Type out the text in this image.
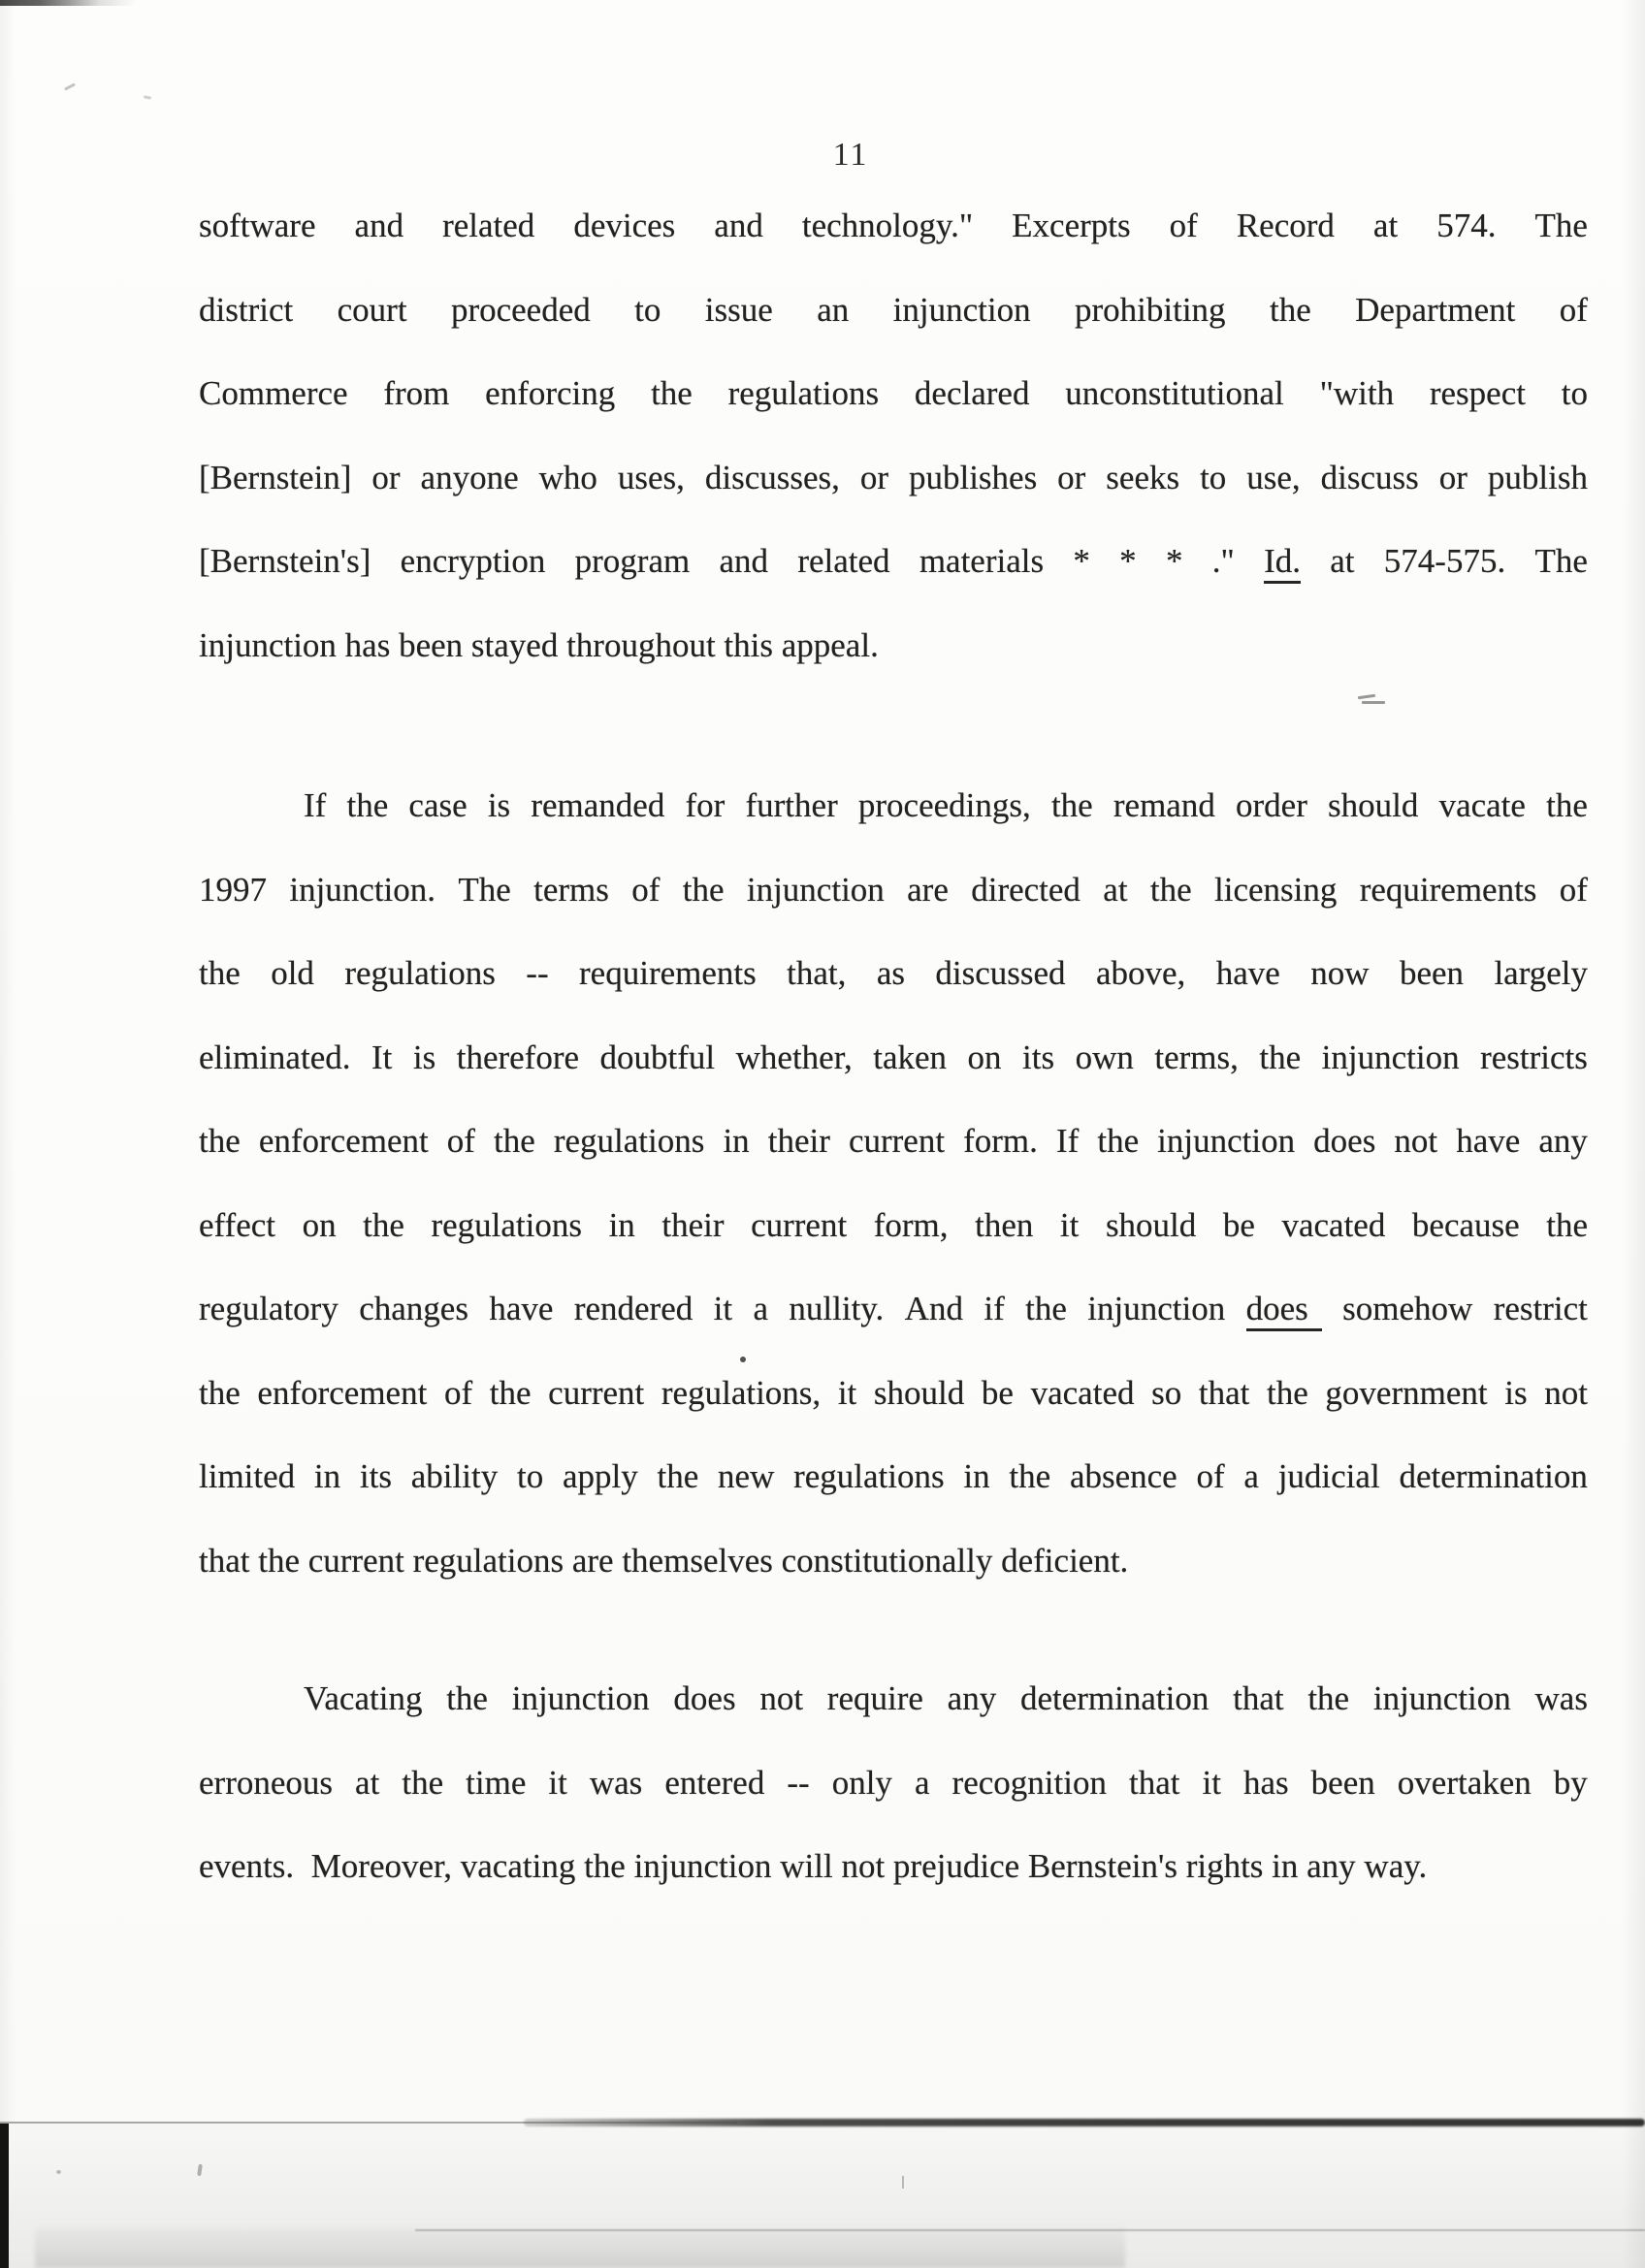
11
software and related devices and technology." Excerpts of Record at 574. The
district court proceeded to issue an injunction prohibiting the Department of
Commerce from enforcing the regulations declared unconstitutional "with respect to
[Bernstein] or anyone who uses, discusses, or publishes or seeks to use, discuss or publish
[Bernstein's] encryption program and related materials * * * ." Id. at 574-575. The
injunction has been stayed throughout this appeal.
If the case is remanded for further proceedings, the remand order should vacate the
1997 injunction. The terms of the injunction are directed at the licensing requirements of
the old regulations -- requirements that, as discussed above, have now been largely
eliminated. It is therefore doubtful whether, taken on its own terms, the injunction restricts
the enforcement of the regulations in their current form. If the injunction does not have any
effect on the regulations in their current form, then it should be vacated because the
regulatory changes have rendered it a nullity. And if the injunction does	somehow restrict
the enforcement of the current regulations, it should be vacated so that the government is not
limited in its ability to apply the new regulations in the absence of a judicial determination
that the current regulations are themselves constitutionally deficient.
Vacating the injunction does not require any determination that the injunction was
erroneous at the time it was entered -- only a recognition that it has been overtaken by
events.  Moreover, vacating the injunction will not prejudice Bernstein's rights in any way.
